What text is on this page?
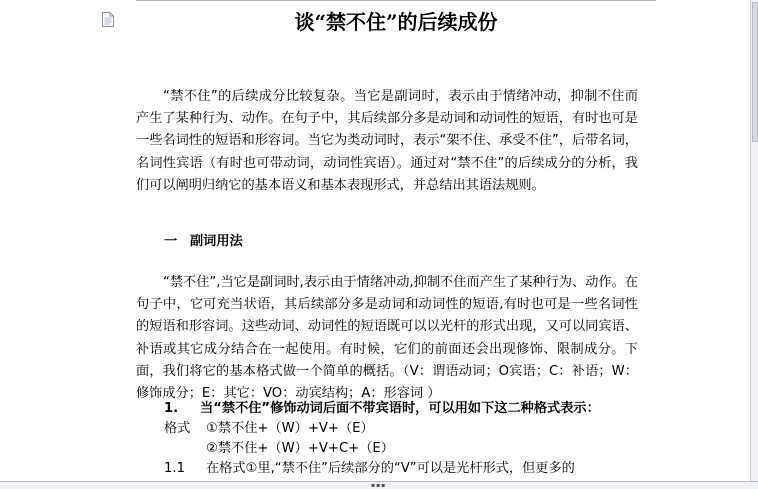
谈“禁不住”的后续成份

“禁不住”的后续成分比较复杂。当它是副词时，表示由于情绪冲动，抑制不住而产生了某种行为、动作。在句子中，其后续部分多是动词和动词性的短语，有时也可是一些名词性的短语和形容词。当它为类动词时，表示“架不住、承受不住”，后带名词，名词性宾语（有时也可带动词，动词性宾语）。通过对“禁不住”的后续成分的分析，我们可以阐明归纳它的基本语义和基本表现形式，并总结出其语法规则。

一 副词用法

“禁不住”,当它是副词时,表示由于情绪冲动,抑制不住而产生了某种行为、动作。在句子中，它可充当状语，其后续部分多是动词和动词性的短语,有时也可是一些名词性的短语和形容词。这些动词、动词性的短语既可以以光杆的形式出现，又可以同宾语、补语或其它成分结合在一起使用。有时候，它们的前面还会出现修饰、限制成分。下面，我们将它的基本格式做一个简单的概括。（V：谓语动词；O宾语；C：补语；W：修饰成分；E：其它：VO：动宾结构；A：形容词 ）

1. 当“禁不住”修饰动词后面不带宾语时，可以用如下这二种格式表示：

格式 ①禁不住+（W）+V+（E）

②禁不住+（W）+V+C+（E）

1.1 在格式①里,“禁不住”后续部分的“V”可以是光杆形式，但更多的

▪▪▪
